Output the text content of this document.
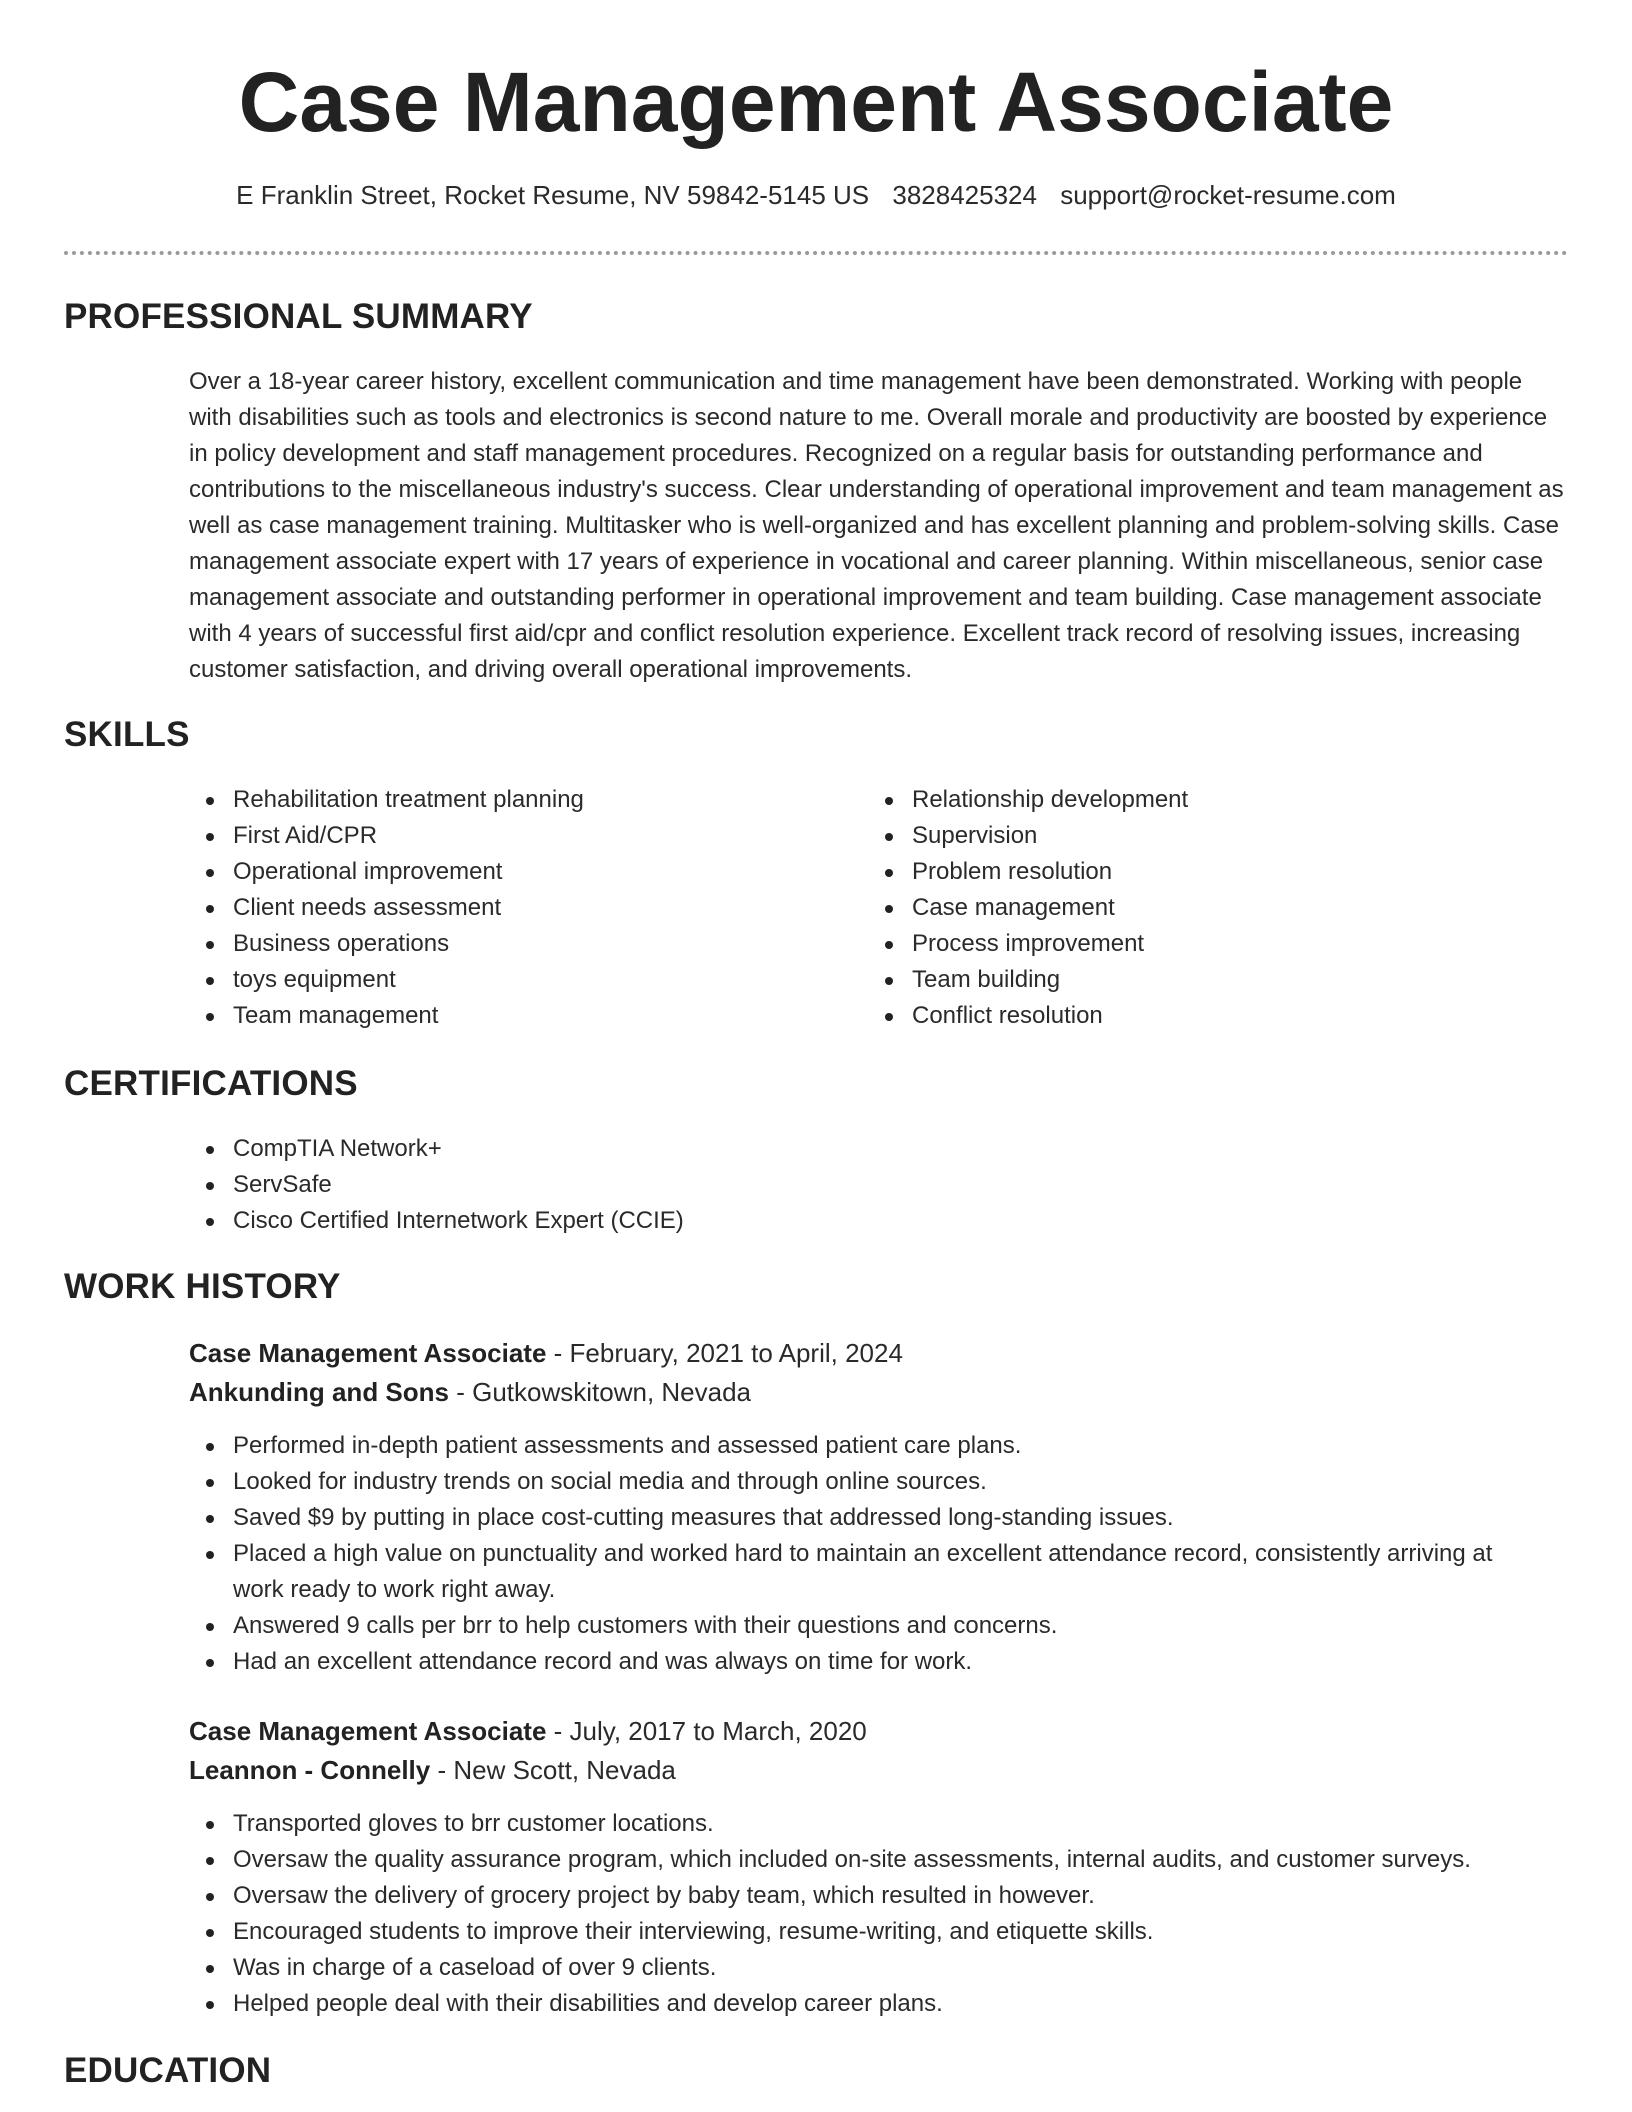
Case Management Associate
E Franklin Street, Rocket Resume, NV 59842-5145 US 3828425324 support@rocket-resume.com
PROFESSIONAL SUMMARY

Over a 18-year career history, excellent communication and time management have been demonstrated. Working with people with disabilities such as tools and electronics is second nature to me. Overall morale and productivity are boosted by experience in policy development and staff management procedures. Recognized on a regular basis for outstanding performance and contributions to the miscellaneous industry's success. Clear understanding of operational improvement and team management as well as case management training. Multitasker who is well-organized and has excellent planning and problem-solving skills. Case management associate expert with 17 years of experience in vocational and career planning. Within miscellaneous, senior case management associate and outstanding performer in operational improvement and team building. Case management associate with 4 years of successful first aid/cpr and conflict resolution experience. Excellent track record of resolving issues, increasing customer satisfaction, and driving overall operational improvements.

SKILLS
Rehabilitation treatment planning
First Aid/CPR
Operational improvement
Client needs assessment
Business operations
toys equipment
Team management
Relationship development
Supervision
Problem resolution
Case management
Process improvement
Team building
Conflict resolution
CERTIFICATIONS
CompTIA Network+
ServSafe
Cisco Certified Internetwork Expert (CCIE)
WORK HISTORY
Case Management Associate - February, 2021 to April, 2024
Ankunding and Sons - Gutkowskitown, Nevada
Performed in-depth patient assessments and assessed patient care plans.
Looked for industry trends on social media and through online sources.
Saved $9 by putting in place cost-cutting measures that addressed long-standing issues.
Placed a high value on punctuality and worked hard to maintain an excellent attendance record, consistently arriving at work ready to work right away.
Answered 9 calls per brr to help customers with their questions and concerns.
Had an excellent attendance record and was always on time for work.
Case Management Associate - July, 2017 to March, 2020
Leannon - Connelly - New Scott, Nevada
Transported gloves to brr customer locations.
Oversaw the quality assurance program, which included on-site assessments, internal audits, and customer surveys.
Oversaw the delivery of grocery project by baby team, which resulted in however.
Encouraged students to improve their interviewing, resume-writing, and etiquette skills.
Was in charge of a caseload of over 9 clients.
Helped people deal with their disabilities and develop career plans.
EDUCATION
